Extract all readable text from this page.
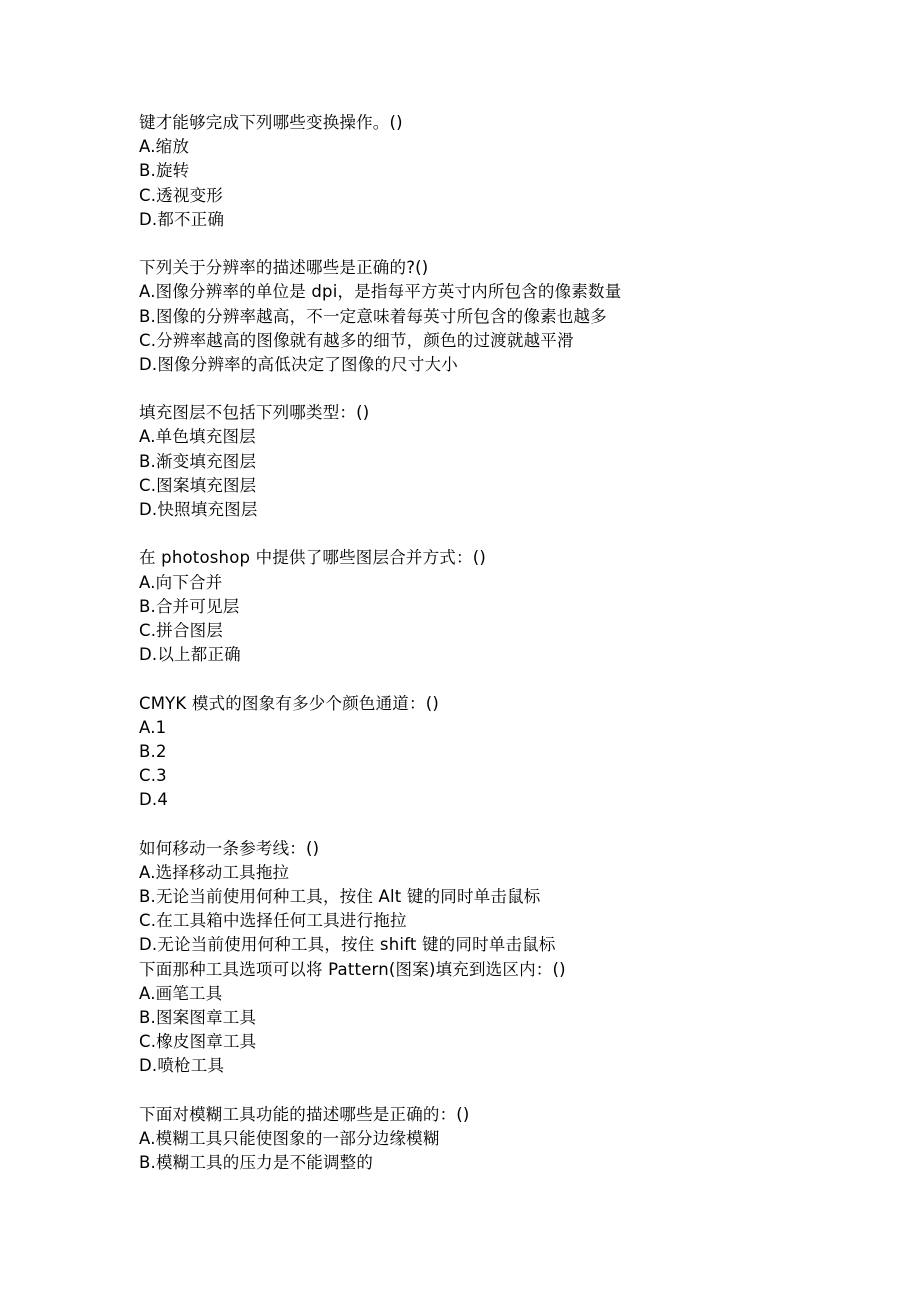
键才能够完成下列哪些变换操作。()
A.缩放
B.旋转
C.透视变形
D.都不正确
下列关于分辨率的描述哪些是正确的?()
A.图像分辨率的单位是 dpi，是指每平方英寸内所包含的像素数量
B.图像的分辨率越高，不一定意味着每英寸所包含的像素也越多
C.分辨率越高的图像就有越多的细节，颜色的过渡就越平滑
D.图像分辨率的高低决定了图像的尺寸大小
填充图层不包括下列哪类型：()
A.单色填充图层
B.渐变填充图层
C.图案填充图层
D.快照填充图层
在 photoshop 中提供了哪些图层合并方式：()
A.向下合并
B.合并可见层
C.拼合图层
D.以上都正确
CMYK 模式的图象有多少个颜色通道：()
A.1
B.2
C.3
D.4
如何移动一条参考线：()
A.选择移动工具拖拉
B.无论当前使用何种工具，按住 Alt 键的同时单击鼠标
C.在工具箱中选择任何工具进行拖拉
D.无论当前使用何种工具，按住 shift 键的同时单击鼠标
下面那种工具选项可以将 Pattern(图案)填充到选区内：()
A.画笔工具
B.图案图章工具
C.橡皮图章工具
D.喷枪工具
下面对模糊工具功能的描述哪些是正确的：()
A.模糊工具只能使图象的一部分边缘模糊
B.模糊工具的压力是不能调整的
